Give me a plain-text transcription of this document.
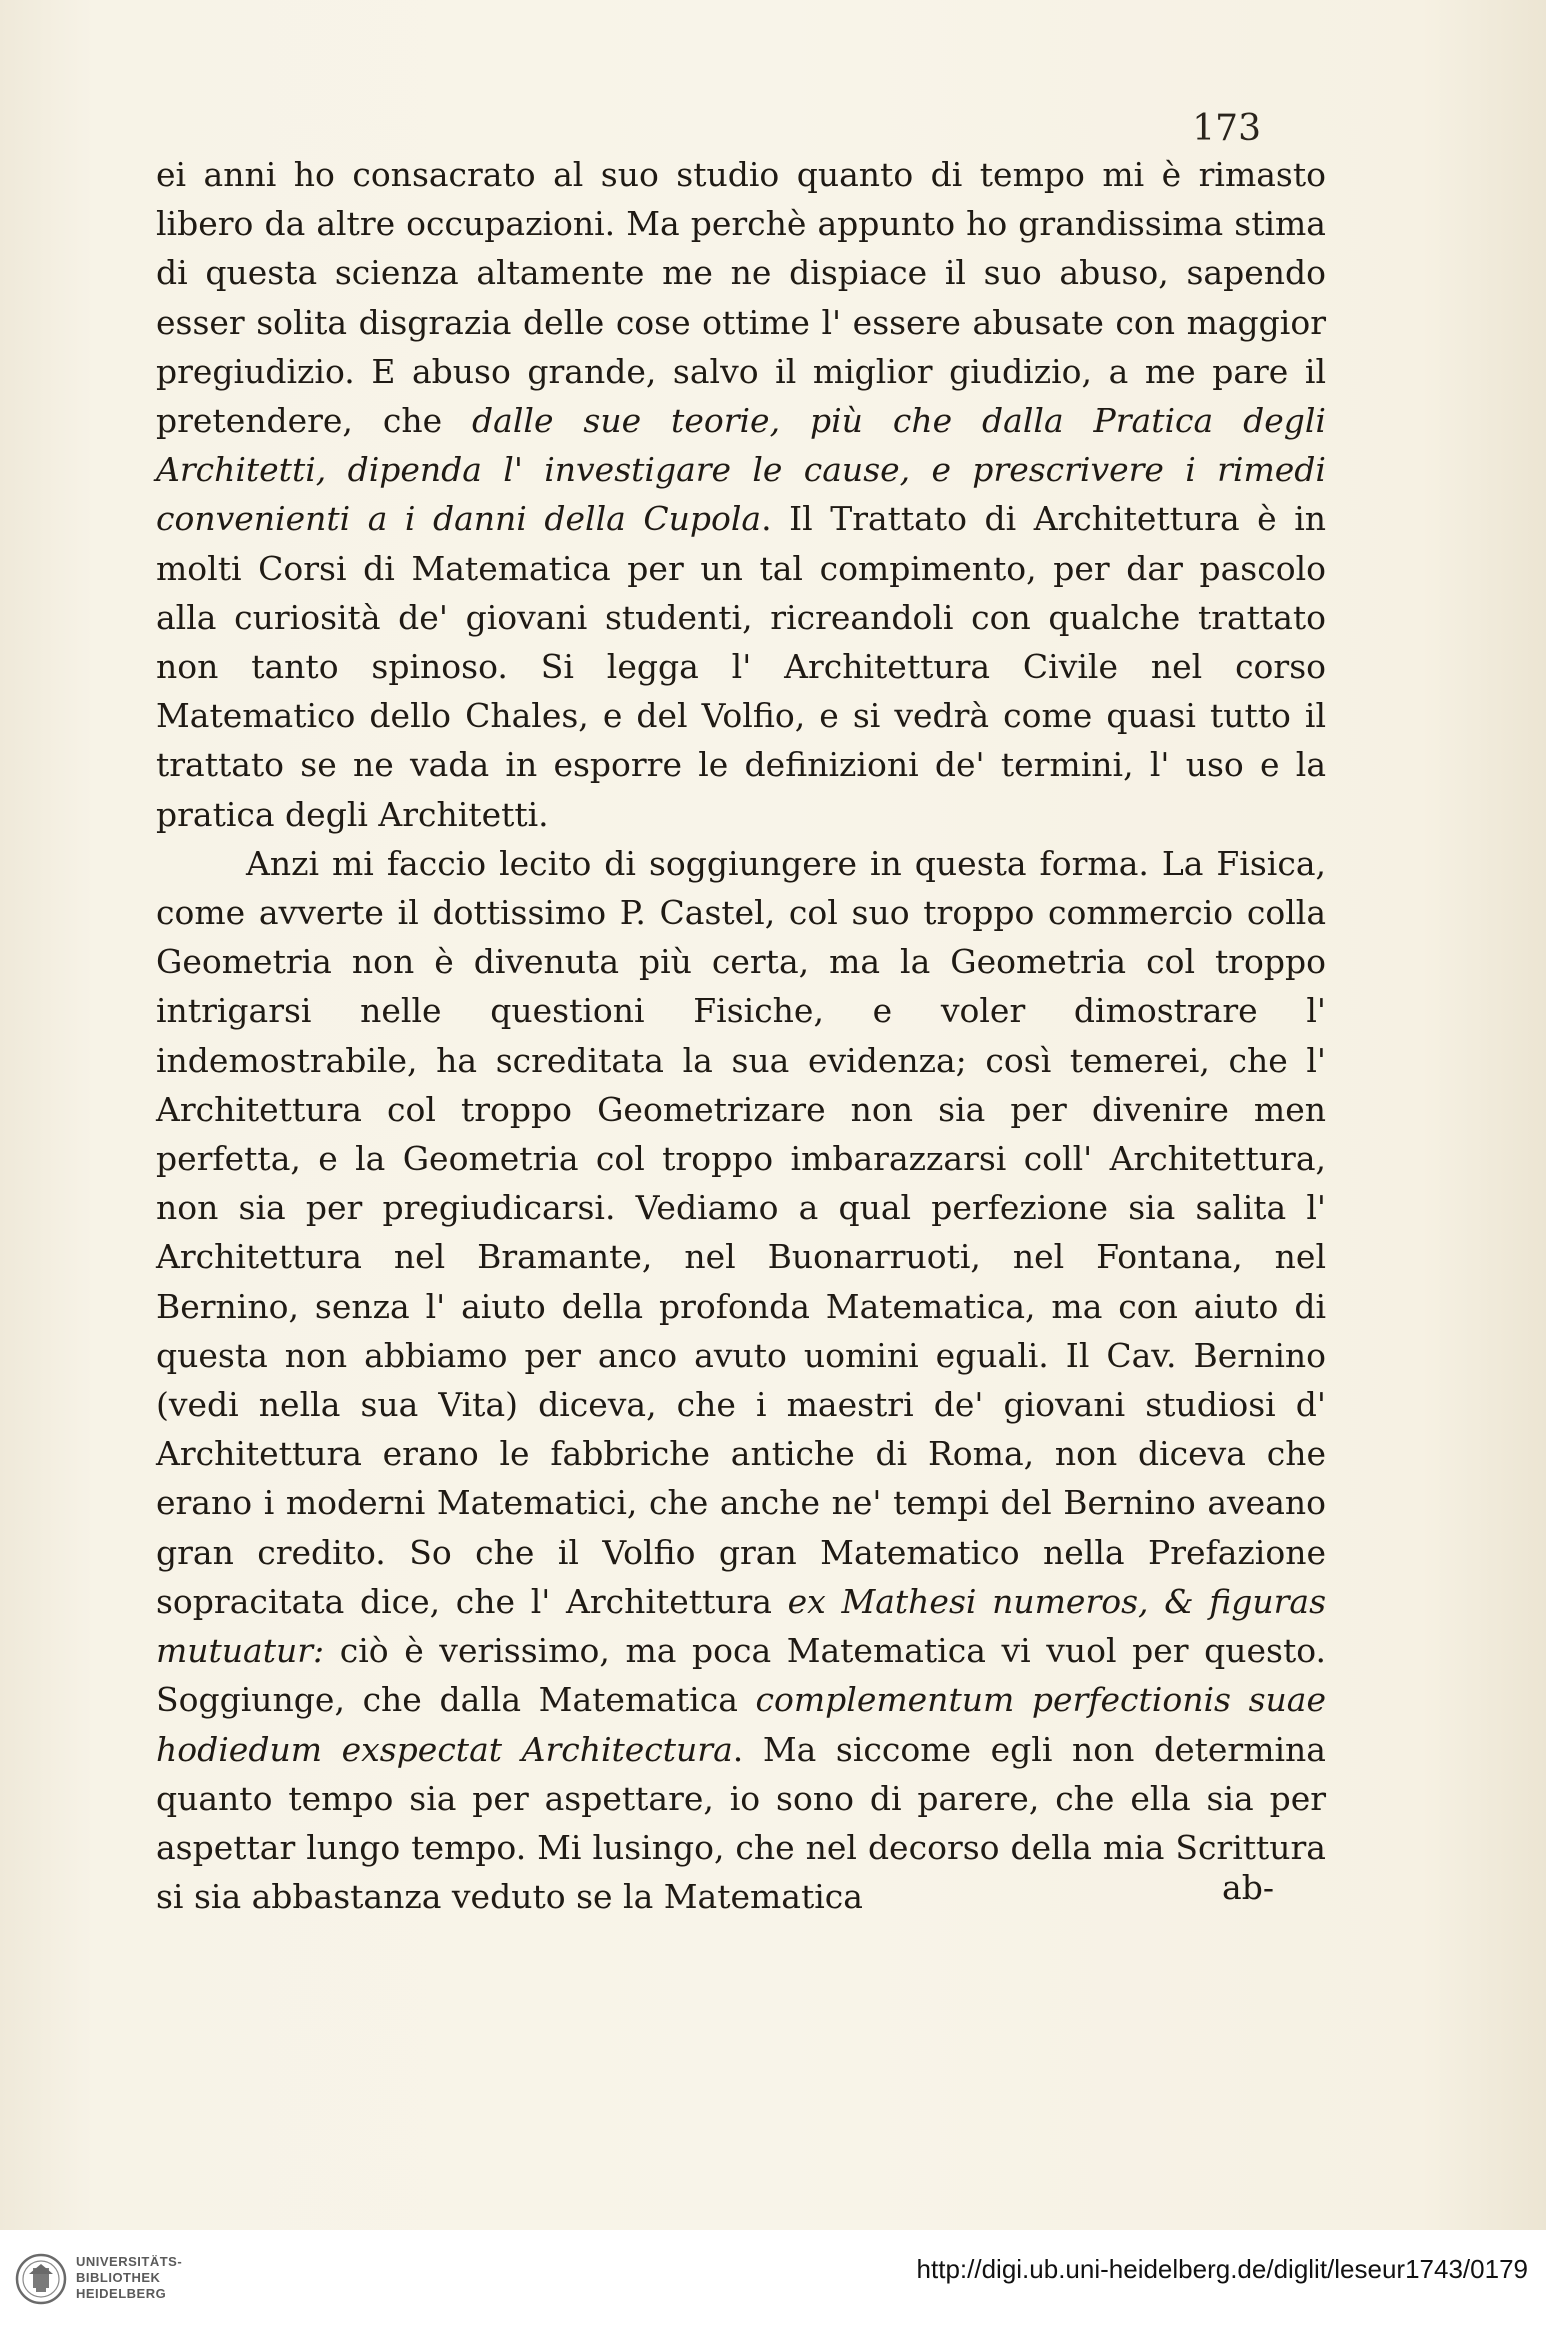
173

ei anni ho consacrato al suo studio quanto di tempo mi è rimasto libero da altre occupazioni. Ma perchè appunto ho grandissima stima di questa scienza altamente me ne dispiace il suo abuso, sapendo esser solita disgrazia delle cose ottime l' essere abusate con maggior pregiudizio. E abuso grande, salvo il miglior giudizio, a me pare il pretendere, che dalle sue teorie, più che dalla Pratica degli Architetti, dipenda l' investigare le cause, e prescrivere i rimedi convenienti a i danni della Cupola. Il Trattato di Architettura è in molti Corsi di Matematica per un tal compimento, per dar pascolo alla curiosità de' giovani studenti, ricreandoli con qualche trattato non tanto spinoso. Si legga l' Architettura Civile nel corso Matematico dello Chales, e del Volfio, e si vedrà come quasi tutto il trattato se ne vada in esporre le definizioni de' termini, l' uso e la pratica degli Architetti.

Anzi mi faccio lecito di soggiungere in questa forma. La Fisica, come avverte il dottissimo P. Castel, col suo troppo commercio colla Geometria non è divenuta più certa, ma la Geometria col troppo intrigarsi nelle questioni Fisiche, e voler dimostrare l' indemostrabile, ha screditata la sua evidenza; così temerei, che l' Architettura col troppo Geometrizare non sia per divenire men perfetta, e la Geometria col troppo imbarazzarsi coll' Architettura, non sia per pregiudicarsi. Vediamo a qual perfezione sia salita l' Architettura nel Bramante, nel Buonarruoti, nel Fontana, nel Bernino, senza l' aiuto della profonda Matematica, ma con aiuto di questa non abbiamo per anco avuto uomini eguali. Il Cav. Bernino (vedi nella sua Vita) diceva, che i maestri de' giovani studiosi d' Architettura erano le fabbriche antiche di Roma, non diceva che erano i moderni Matematici, che anche ne' tempi del Bernino aveano gran credito. So che il Volfio gran Matematico nella Prefazione sopracitata dice, che l' Architettura ex Mathesi numeros, & figuras mutuatur: ciò è verissimo, ma poca Matematica vi vuol per questo. Soggiunge, che dalla Matematica complementum perfectionis suae hodiedum exspectat Architectura. Ma siccome egli non determina quanto tempo sia per aspettare, io sono di parere, che ella sia per aspettar lungo tempo. Mi lusingo, che nel decorso della mia Scrittura si sia abbastanza veduto se la Matematica	ab-
UNIVERSITÄTS-
BIBLIOTHEK
HEIDELBERG
http://digi.ub.uni-heidelberg.de/diglit/leseur1743/0179
